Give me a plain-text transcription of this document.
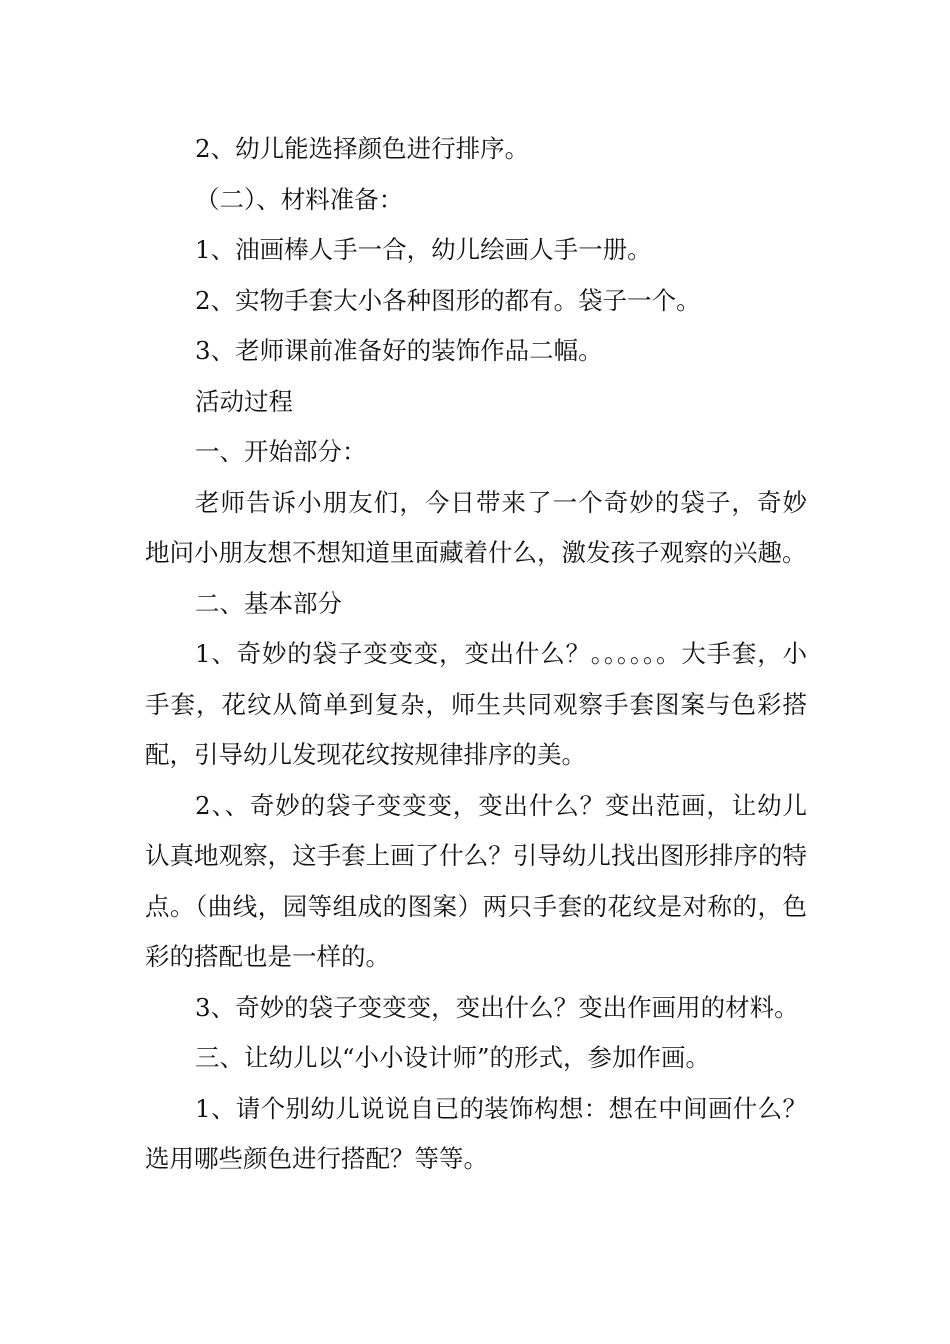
2、幼儿能选择颜色进行排序。

（二）、材料准备：

1、油画棒人手一合，幼儿绘画人手一册。

2、实物手套大小各种图形的都有。袋子一个。

3、老师课前准备好的装饰作品二幅。

活动过程

一、开始部分：

老师告诉小朋友们，今日带来了一个奇妙的袋子，奇妙地问小朋友想不想知道里面藏着什么，激发孩子观察的兴趣。

二、基本部分

1、奇妙的袋子变变变，变出什么？。。。。。。大手套，小手套，花纹从简单到复杂，师生共同观察手套图案与色彩搭配，引导幼儿发现花纹按规律排序的美。

2、、奇妙的袋子变变变，变出什么？变出范画，让幼儿认真地观察，这手套上画了什么？引导幼儿找出图形排序的特点。（曲线，园等组成的图案）两只手套的花纹是对称的，色彩的搭配也是一样的。

3、奇妙的袋子变变变，变出什么？变出作画用的材料。

三、让幼儿以“小小设计师”的形式，参加作画。

1、请个别幼儿说说自已的装饰构想：想在中间画什么？选用哪些颜色进行搭配？等等。
